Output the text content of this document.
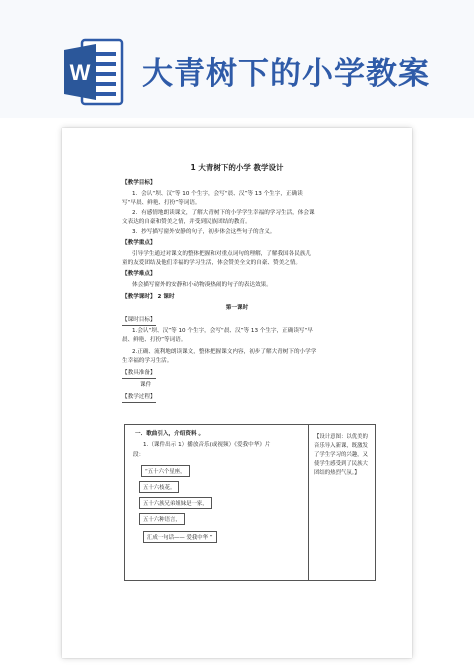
W 大青树下的小学教案
1 大青树下的小学 教学设计
【教学目标】
1．会认“坝、汉”等 10 个生字，会写“晨、汉”等 13 个生字，正确读
写“早晨、鲜艳、打扮”等词语。
2．有感情地朗读课文，了解大青树下的小学学生幸福的学习生活，体会课
文表达的自豪和赞美之情，并受到民族团结的教育。
3．抄写描写窗外安静的句子，初步体会这些句子的含义。
【教学重点】
引导学生通过对课文的整体把握和对重点词句的理解，了解我国各民族儿
童的友爱团结及他们幸福的学习生活，体会赞美全文的自豪、赞美之情。
【教学难点】
体会描写窗外的安静和小动物凑热闹的句子的表达效果。
【教学课时】 2 课时
第一课时
【课时目标】
1.会认“坝、汉”等 10 个生字，会写“晨、汉”等 13 个生字，正确读写“早
晨、鲜艳、打扮”等词语。
2.正确、流利地朗读课文，整体把握课文内容，初步了解大青树下的小学学
生幸福的学习生活。
【教具准备】
课件
【教学过程】
一．歌曲引入，介绍资料 。
1.（课件出示 1）播放音乐(或视频）《爱我中华》片
段：
“五十六个星座，
五十六枝花。
五十六族兄弟姐妹是一家，
五十六种语言，
汇成一句话—— 爱我中华 ”
【设计意图：以优美的音乐导入新课，既激发了学生学习的兴趣，又使学生感受到了民族大团结的热烈气氛。】
